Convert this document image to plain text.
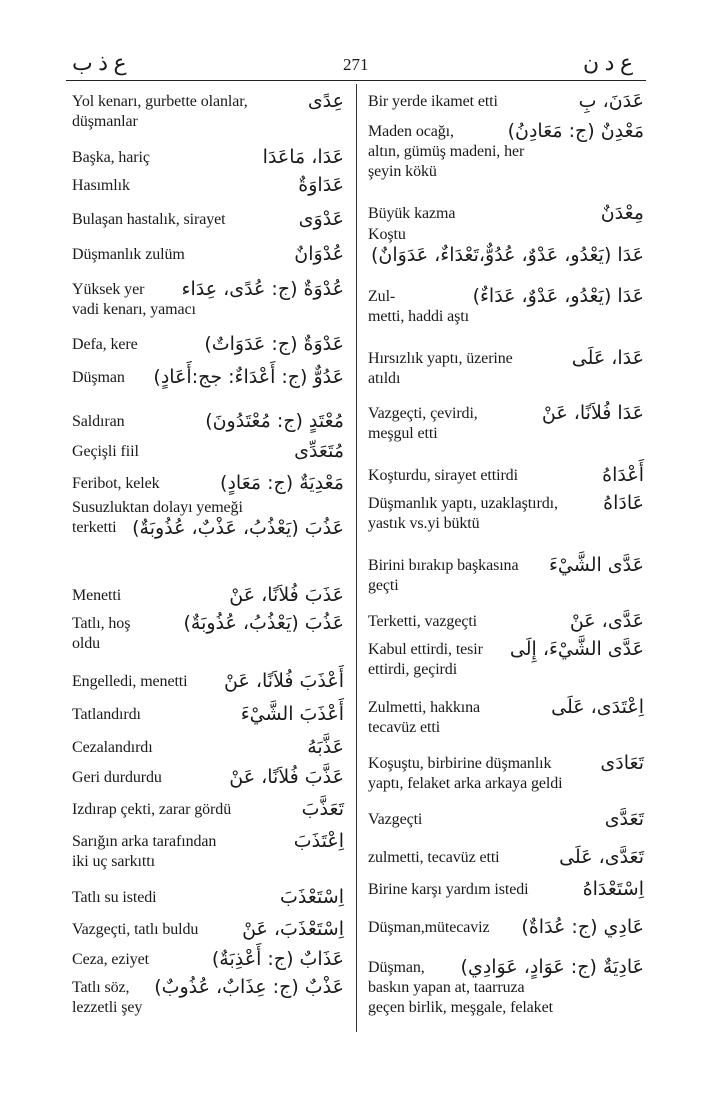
ع ذ ب	271	ع د ن
Yol kenarı, gurbette olanlar,
düşmanlar
عِدًى
Başka, hariç	عَدَا، مَاعَدَا
Hasımlık	عَدَاوَةٌ
Bulaşan hastalık, sirayet	عَدْوَى
Düşmanlık zulüm	عُدْوَانٌ
Yüksek yer
vadi kenarı, yamacı
عُدْوَةٌ (ج: عُدًى، عِدَاء
Defa, kere	عَدْوَةٌ (ج: عَدَوَاتٌ)
Düşman	عَدُوٌّ (ج: أَعْدَاءٌ: جج:أَعَادٍ)
Saldıran	مُعْتَدٍ (ج: مُعْتَدُونَ)
Geçişli fiil	مُتَعَدِّى
Feribot, kelek	مَعْدِيَةٌ (ج: مَعَادٍ)
Susuzluktan dolayı yemeği
terketti عَذُبَ (يَعْذُبُ، عَذْبٌ، عُذُوبَةٌ)
Menetti	عَذَبَ فُلاَنًا، عَنْ
Tatlı, hoş
oldu
عَذُبَ (يَعْذُبُ، عُذُوبَةٌ)
Engelledi, menetti	أَعْذَبَ فُلاَنًا، عَنْ
Tatlandırdı	أَعْذَبَ الشَّيْءَ
Cezalandırdı	عَذَّبَهُ
Geri durdurdu	عَذَّبَ فُلاَنًا، عَنْ
Izdırap çekti, zarar gördü	تَعَذَّبَ
Sarığın arka tarafından
iki uç sarkıttı
اِعْتَذَبَ
Tatlı su istedi	اِسْتَعْذَبَ
Vazgeçti, tatlı buldu	اِسْتَعْذَبَ، عَنْ
Ceza, eziyet	عَذَابٌ (ج: أَعْذِبَةٌ)
Tatlı söz,
lezzetli şey
عَذْبٌ (ج: عِذَابٌ، عُذُوبٌ)
Bir yerde ikamet etti	عَدَنَ، بِ
Maden ocağı,
altın, gümüş madeni, her
şeyin kökü
مَعْدِنٌ (ج: مَعَادِنُ)
Büyük kazma	مِعْدَنٌ
Koştu
عَدَا (يَعْدُو، عَدْوٌ، عُدُوٌّ،تَعْدَاءٌ، عَدَوَانٌ)
Zul-
metti, haddi aştı
عَدَا (يَعْدُو، عَدْوٌ، عَدَاءٌ)
Hırsızlık yaptı, üzerine
atıldı
عَدَا، عَلَى
Vazgeçti, çevirdi,
meşgul etti
عَدَا فُلاَنًا، عَنْ
Koşturdu, sirayet ettirdi	أَعْدَاهُ
Düşmanlık yaptı, uzaklaştırdı,
yastık vs.yi büktü
عَادَاهُ
Birini bırakıp başkasına
geçti
عَدَّى الشَّيْءَ
Terketti, vazgeçti	عَدَّى، عَنْ
Kabul ettirdi, tesir
ettirdi, geçirdi
عَدَّى الشَّيْءَ، إِلَى
Zulmetti, hakkına
tecavüz etti
اِعْتَدَى، عَلَى
Koşuştu, birbirine düşmanlık
yaptı, felaket arka arkaya geldi
تَعَادَى
Vazgeçti	تَعَدَّى
zulmetti, tecavüz etti	تَعَدَّى، عَلَى
Birine karşı yardım istedi	اِسْتَعْدَاهُ
Düşman,mütecaviz	عَادِي (ج: عُدَاةٌ)
Düşman,
baskın yapan at, taarruza
geçen birlik, meşgale, felaket
عَادِيَةٌ (ج: عَوَادٍ، عَوَادِي)
